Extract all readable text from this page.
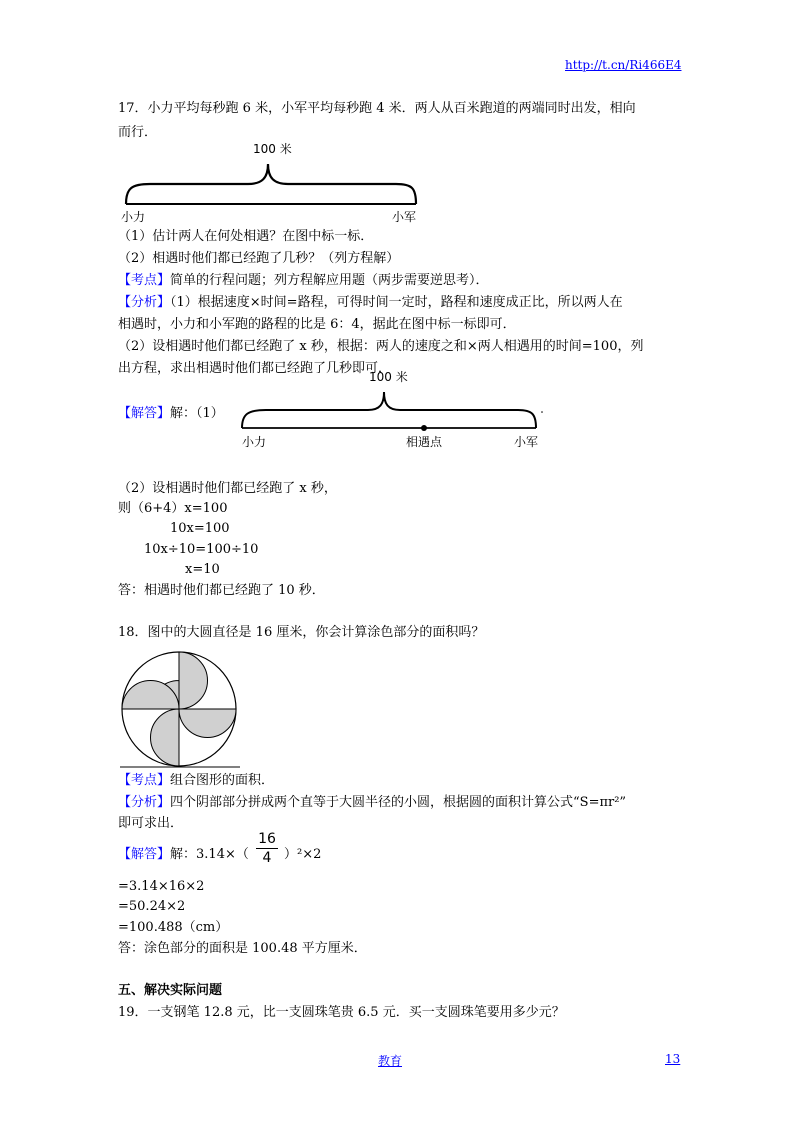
http://t.cn/Ri466E4
17．小力平均每秒跑 6 米，小军平均每秒跑 4 米．两人从百米跑道的两端同时出发，相向
而行．
100 米
小力	小军
（1）估计两人在何处相遇？在图中标一标．
（2）相遇时他们都已经跑了几秒？（列方程解）
【考点】简单的行程问题；列方程解应用题（两步需要逆思考）．
【分析】（1）根据速度×时间=路程，可得时间一定时，路程和速度成正比，所以两人在
相遇时，小力和小军跑的路程的比是 6：4，据此在图中标一标即可．
（2）设相遇时他们都已经跑了 x 秒，根据：两人的速度之和×两人相遇用的时间=100，列
出方程，求出相遇时他们都已经跑了几秒即可．
【解答】解：（1）
100 米
小力	相遇点	小军
（2）设相遇时他们都已经跑了 x 秒，
则（6+4）x=100
10x=100
10x÷10=100÷10
x=10
答：相遇时他们都已经跑了 10 秒．
18．图中的大圆直径是 16 厘米，你会计算涂色部分的面积吗？
【考点】组合图形的面积．
【分析】四个阴部部分拼成两个直等于大圆半径的小圆，根据圆的面积计算公式“S=πr²”
即可求出．
【解答】解：3.14×（
16
4 ）²×2
=3.14×16×2
=50.24×2
=100.488（cm）
答：涂色部分的面积是 100.48 平方厘米．
五、解决实际问题
19．一支钢笔 12.8 元，比一支圆珠笔贵 6.5 元．买一支圆珠笔要用多少元？
教育	13
